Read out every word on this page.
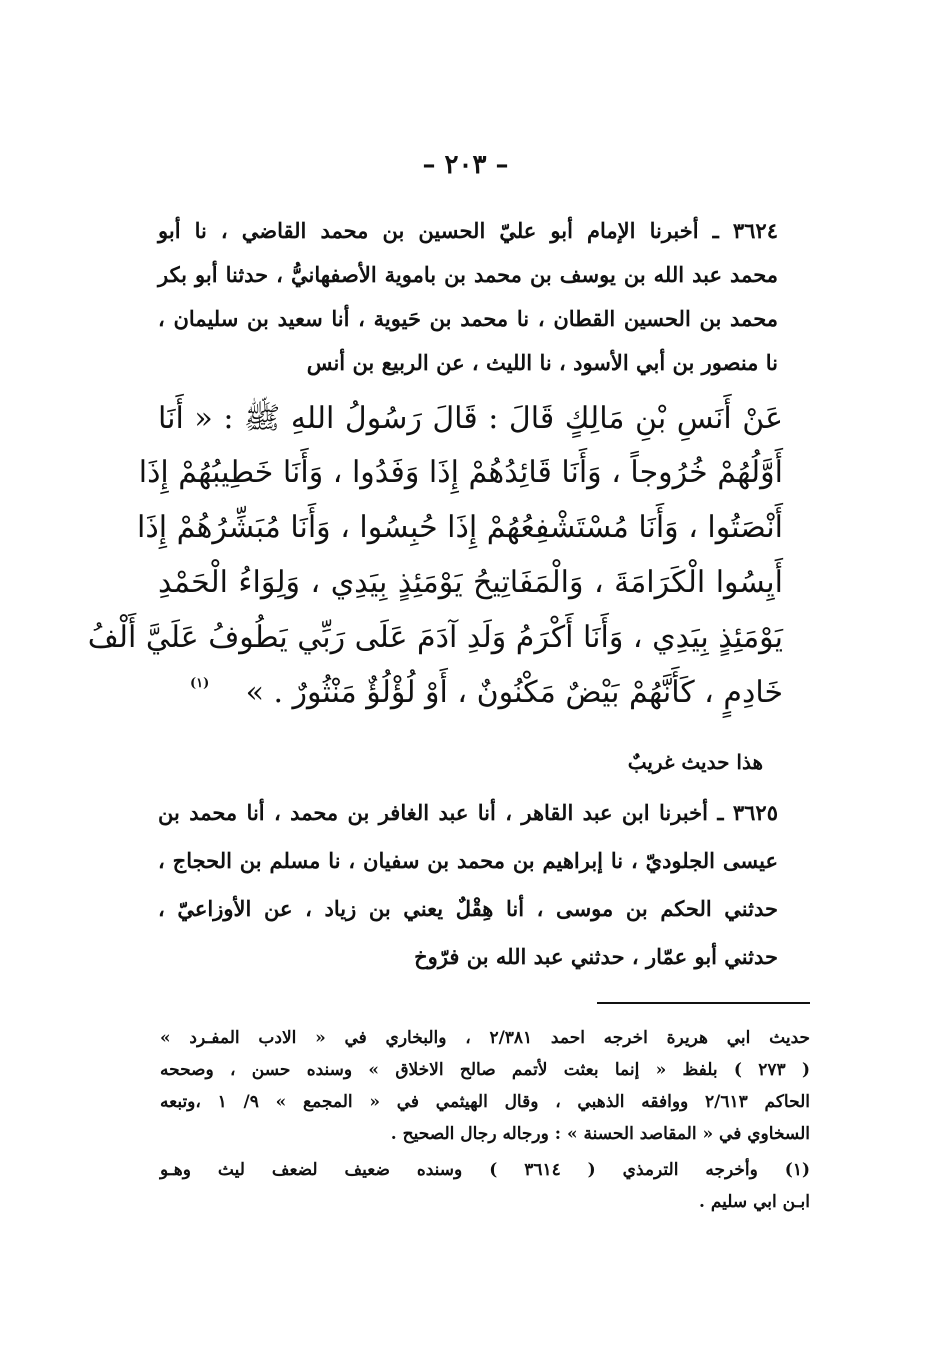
– ٢٠٣ –
٣٦٢٤ ـ أخبرنا الإمام أبو عليّ الحسين بن محمد القاضي ، نا أبو
محمد عبد الله بن يوسف بن محمد بن باموية الأصفهانيُّ ، حدثنا أبو بكر
محمد بن الحسين القطان ، نا محمد بن حَيوية ، أنا سعيد بن سليمان ،
نا منصور بن أبي الأسود ، نا الليث ، عن الربيع بن أنس
عَنْ أَنَسِ بْنِ مَالِكٍ قَالَ : قَالَ رَسُولُ اللهِ ﷺ : « أَنَا
أَوَّلُهُمْ خُرُوجاً ، وَأَنَا قَائِدُهُمْ إِذَا وَفَدُوا ، وَأَنَا خَطِيبُهُمْ إِذَا
أَنْصَتُوا ، وَأَنَا مُسْتَشْفِعُهُمْ إِذَا حُبِسُوا ، وَأَنَا مُبَشِّرُهُمْ إِذَا
أَيِسُوا الْكَرَامَةَ ، وَالْمَفَاتِيحُ يَوْمَئِذٍ بِيَدِي ، وَلِوَاءُ الْحَمْدِ
يَوْمَئِذٍ بِيَدِي ، وَأَنَا أَكْرَمُ وَلَدِ آدَمَ عَلَى رَبِّي يَطُوفُ عَلَيَّ أَلْفُ
خَادِمٍ ، كَأَنَّهُمْ بَيْضٌ مَكْنُونٌ ، أَوْ لُؤْلُؤٌ مَنْثُورٌ . »
(١)
هذا حديث غريبٌ
٣٦٢٥ ـ أخبرنا ابن عبد القاهر ، أنا عبد الغافر بن محمد ، أنا محمد بن
عيسى الجلوديّ ، نا إبراهيم بن محمد بن سفيان ، نا مسلم بن الحجاج ،
حدثني الحكم بن موسى ، أنا هِقْلٌ يعني بن زياد ، عن الأوزاعيّ ،
حدثني أبو عمّار ، حدثني عبد الله بن فرّوخ
حديث ابي هريرة اخرجه احمد ٢/٣٨١ ، والبخاري في « الادب المفـرد »
( ٢٧٣ ) بلفظ « إنما بعثت لأتمم صالح الاخلاق » وسنده حسن ، وصححه
الحاكم ٢/٦١٣ ووافقه الذهبي ، وقال الهيثمي في « المجمع » ٩/ ١ ،وتبعه
السخاوي في « المقاصد الحسنة » : ورجاله رجال الصحيح .
(١) وأخرجه الترمذي ( ٣٦١٤ ) وسنده ضعيف لضعف ليث وهـو
ابـن ابي سليم .
